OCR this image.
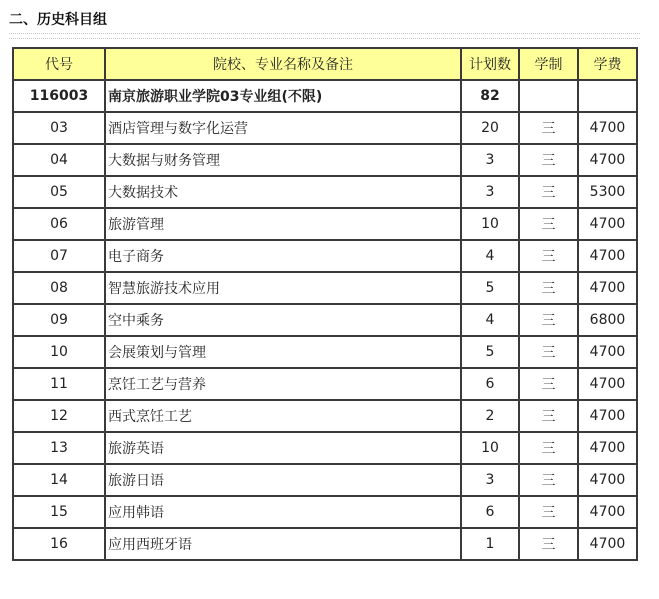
二、历史科目组
代号	院校、专业名称及备注	计划数	学制	学费
116003	南京旅游职业学院03专业组(不限)	82		
03	酒店管理与数字化运营	20	三	4700
04	大数据与财务管理	3	三	4700
05	大数据技术	3	三	5300
06	旅游管理	10	三	4700
07	电子商务	4	三	4700
08	智慧旅游技术应用	5	三	4700
09	空中乘务	4	三	6800
10	会展策划与管理	5	三	4700
11	烹饪工艺与营养	6	三	4700
12	西式烹饪工艺	2	三	4700
13	旅游英语	10	三	4700
14	旅游日语	3	三	4700
15	应用韩语	6	三	4700
16	应用西班牙语	1	三	4700
